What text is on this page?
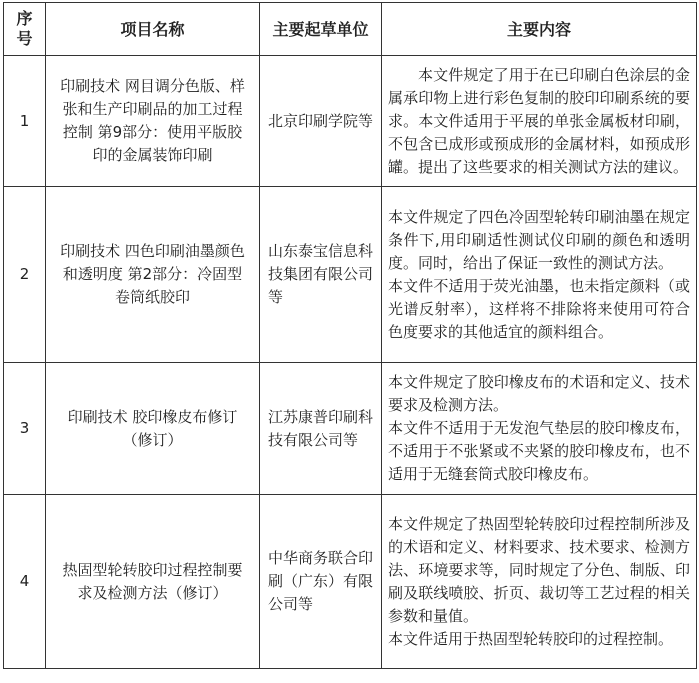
序号	项目名称	主要起草单位	主要内容
1	印刷技术 网目调分色版、样张和生产印刷品的加工过程控制 第9部分：使用平版胶印的金属装饰印刷	北京印刷学院等	本文件规定了用于在已印刷白色涂层的金属承印物上进行彩色复制的胶印印刷系统的要求。本文件适用于平展的单张金属板材印刷，不包含已成形或预成形的金属材料，如预成形罐。提出了这些要求的相关测试方法的建议。

2	印刷技术 四色印刷油墨颜色和透明度 第2部分：冷固型卷筒纸胶印	山东泰宝信息科技集团有限公司等	本文件规定了四色冷固型轮转印刷油墨在规定条件下,用印刷适性测试仪印刷的颜色和透明度。同时，给出了保证一致性的测试方法。

本文件不适用于荧光油墨，也未指定颜料（或光谱反射率），这样将不排除将来使用可符合色度要求的其他适宜的颜料组合。

3	印刷技术 胶印橡皮布修订（修订）	江苏康普印刷科技有限公司等	本文件规定了胶印橡皮布的术语和定义、技术要求及检测方法。

本文件不适用于无发泡气垫层的胶印橡皮布，不适用于不张紧或不夹紧的胶印橡皮布，也不适用于无缝套筒式胶印橡皮布。

4	热固型轮转胶印过程控制要求及检测方法（修订）	中华商务联合印刷（广东）有限公司等	本文件规定了热固型轮转胶印过程控制所涉及的术语和定义、材料要求、技术要求、检测方法、环境要求等，同时规定了分色、制版、印刷及联线喷胶、折页、裁切等工艺过程的相关参数和量值。

本文件适用于热固型轮转胶印的过程控制。
